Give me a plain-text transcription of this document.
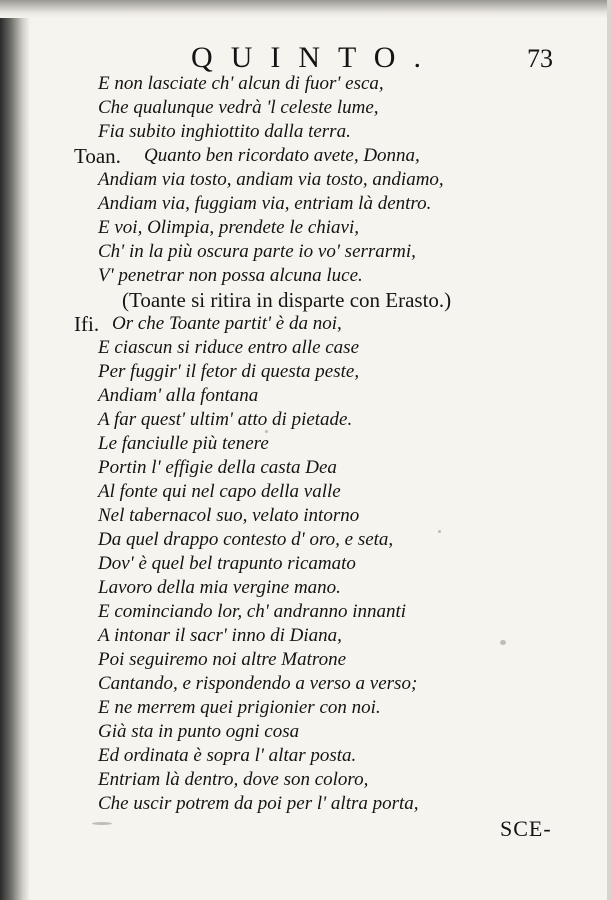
QUINTO.	73
E non lasciate ch' alcun di fuor' esca,
Che qualunque vedrà 'l celeste lume,
Fia subito inghiottito dalla terra.
Toan. Quanto ben ricordato avete, Donna,
Andiam via tosto, andiam via tosto, andiamo,
Andiam via, fuggiam via, entriam là dentro.
E voi, Olimpia, prendete le chiavi,
Ch' in la più oscura parte io vo' serrarmi,
V' penetrar non possa alcuna luce.
(Toante si ritira in disparte con Erasto.)
Ifi. Or che Toante partit' è da noi,
E ciascun si riduce entro alle case
Per fuggir' il fetor di questa peste,
Andiam' alla fontana
A far quest' ultim' atto di pietade.
Le fanciulle più tenere
Portin l' effigie della casta Dea
Al fonte qui nel capo della valle
Nel tabernacol suo, velato intorno
Da quel drappo contesto d' oro, e seta,
Dov' è quel bel trapunto ricamato
Lavoro della mia vergine mano.
E cominciando lor, ch' andranno innanti
A intonar il sacr' inno di Diana,
Poi seguiremo noi altre Matrone
Cantando, e rispondendo a verso a verso;
E ne merrem quei prigionier con noi.
Già sta in punto ogni cosa
Ed ordinata è sopra l' altar posta.
Entriam là dentro, dove son coloro,
Che uscir potrem da poi per l' altra porta,
SCE-
